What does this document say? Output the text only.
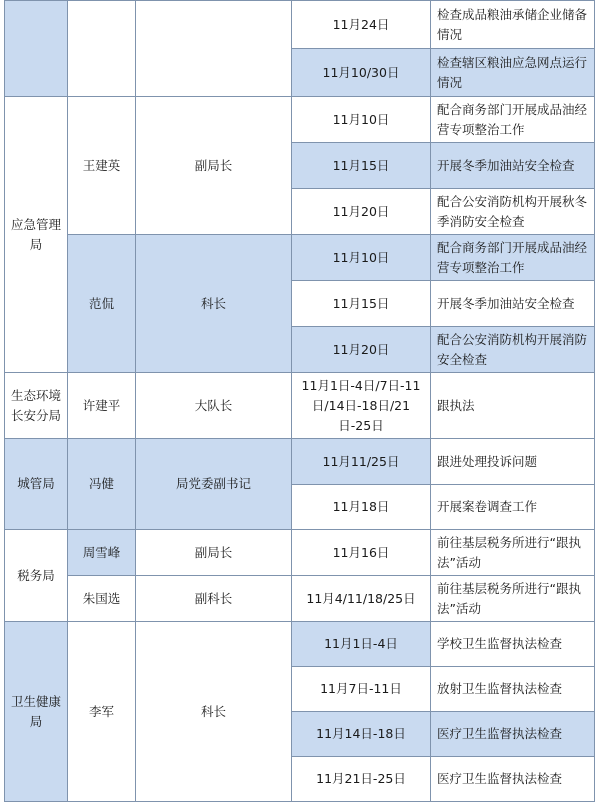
			11月24日	检查成品粮油承储企业储备情况
			11月10/30日	检查辖区粮油应急网点运行情况
应急管理局	王建英	副局长	11月10日	配合商务部门开展成品油经营专项整治工作
			11月15日	开展冬季加油站安全检查
			11月20日	配合公安消防机构开展秋冬季消防安全检查
	范侃	科长	11月10日	配合商务部门开展成品油经营专项整治工作
			11月15日	开展冬季加油站安全检查
			11月20日	配合公安消防机构开展消防安全检查
生态环境长安分局	许建平	大队长	11月1日-4日/7日-11日/14日-18日/21日-25日	跟执法
城管局	冯健	局党委副书记	11月11/25日	跟进处理投诉问题
			11月18日	开展案卷调查工作
税务局	周雪峰	副局长	11月16日	前往基层税务所进行“跟执法”活动
	朱国选	副科长	11月4/11/18/25日	前往基层税务所进行“跟执法”活动
卫生健康局	李军	科长	11月1日-4日	学校卫生监督执法检查
			11月7日-11日	放射卫生监督执法检查
			11月14日-18日	医疗卫生监督执法检查
			11月21日-25日	医疗卫生监督执法检查
